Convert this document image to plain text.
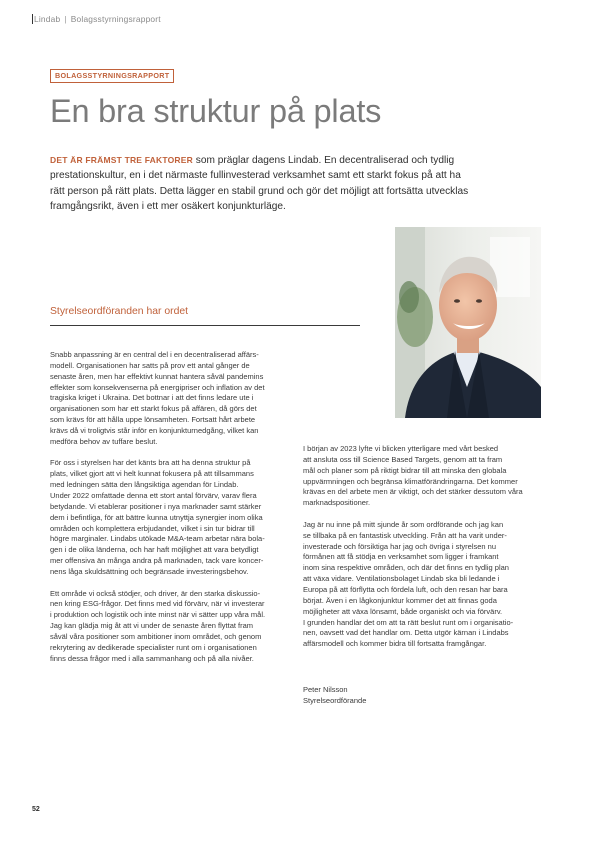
Lindab | Bolagsstyrningsrapport
BOLAGSSTYRNINGSRAPPORT
En bra struktur på plats

DET ÄR FRÄMST TRE FAKTORER som präglar dagens Lindab. En decentraliserad och tydlig prestationskultur, en i det närmaste fullinvesterad verksamhet samt ett starkt fokus på att ha rätt person på rätt plats. Detta lägger en stabil grund och gör det möjligt att fortsätta utvecklas framgångsrikt, även i ett mer osäkert konjunkturläge.

Styrelseordföranden har ordet

Snabb anpassning är en central del i en decentraliserad affärs-
modell. Organisationen har satts på prov ett antal gånger de
senaste åren, men har effektivt kunnat hantera såväl pandemins
effekter som konsekvenserna på energipriser och inflation av det
tragiska kriget i Ukraina. Det bottnar i att det finns ledare ute i
organisationen som har ett starkt fokus på affären, då görs det
som krävs för att hålla uppe lönsamheten. Fortsatt hårt arbete
krävs då vi troligtvis står inför en konjunkturnedgång, vilket kan
medföra behov av tuffare beslut.

För oss i styrelsen har det känts bra att ha denna struktur på
plats, vilket gjort att vi helt kunnat fokusera på att tillsammans
med ledningen sätta den långsiktiga agendan för Lindab.
Under 2022 omfattade denna ett stort antal förvärv, varav flera
betydande. Vi etablerar positioner i nya marknader samt stärker
dem i befintliga, för att bättre kunna utnyttja synergier inom olika
områden och komplettera erbjudandet, vilket i sin tur bidrar till
högre marginaler. Lindabs utökade M&A-team arbetar nära bola-
gen i de olika länderna, och har haft möjlighet att vara betydligt
mer offensiva än många andra på marknaden, tack vare koncer-
nens låga skuldsättning och begränsade investeringsbehov.

Ett område vi också stödjer, och driver, är den starka diskussio-
nen kring ESG-frågor. Det finns med vid förvärv, när vi investerar
i produktion och logistik och inte minst när vi sätter upp våra mål.
Jag kan glädja mig åt att vi under de senaste åren flyttat fram
såväl våra positioner som ambitioner inom området, och genom
rekrytering av dedikerade specialister runt om i organisationen
finns dessa frågor med i alla sammanhang och på alla nivåer.

I början av 2023 lyfte vi blicken ytterligare med vårt besked
att ansluta oss till Science Based Targets, genom att ta fram
mål och planer som på riktigt bidrar till att minska den globala
uppvärmningen och begränsa klimatförändringarna. Det kommer
krävas en del arbete men är viktigt, och det stärker dessutom våra
marknadspositioner.

Jag är nu inne på mitt sjunde år som ordförande och jag kan
se tillbaka på en fantastisk utveckling. Från att ha varit under-
investerade och försiktiga har jag och övriga i styrelsen nu
förmånen att få stödja en verksamhet som ligger i framkant
inom sina respektive områden, och där det finns en tydlig plan
att växa vidare. Ventilationsbolaget Lindab ska bli ledande i
Europa på att förflytta och fördela luft, och den resan har bara
börjat. Även i en lågkonjunktur kommer det att finnas goda
möjligheter att växa lönsamt, både organiskt och via förvärv.
I grunden handlar det om att ta rätt beslut runt om i organisatio-
nen, oavsett vad det handlar om. Detta utgör kärnan i Lindabs
affärsmodell och kommer bidra till fortsatta framgångar.

Peter Nilsson
Styrelseordförande
52
